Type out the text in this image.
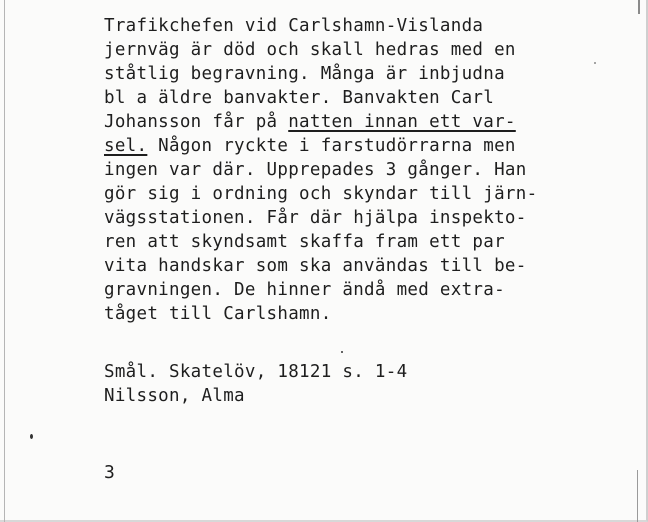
Trafikchefen vid Carlshamn-Vislanda
jernväg är död och skall hedras med en
ståtlig begravning. Många är inbjudna
bl a äldre banvakter. Banvakten Carl
Johansson får på natten innan ett var-
sel. Någon ryckte i farstudörrarna men
ingen var där. Upprepades 3 gånger. Han
gör sig i ordning och skyndar till järn-
vägsstationen. Får där hjälpa inspekto-
ren att skyndsamt skaffa fram ett par
vita handskar som ska användas till be-
gravningen. De hinner ändå med extra-
tåget till Carlshamn.
Smål. Skatelöv, 18121 s. 1-4
Nilsson, Alma
3
